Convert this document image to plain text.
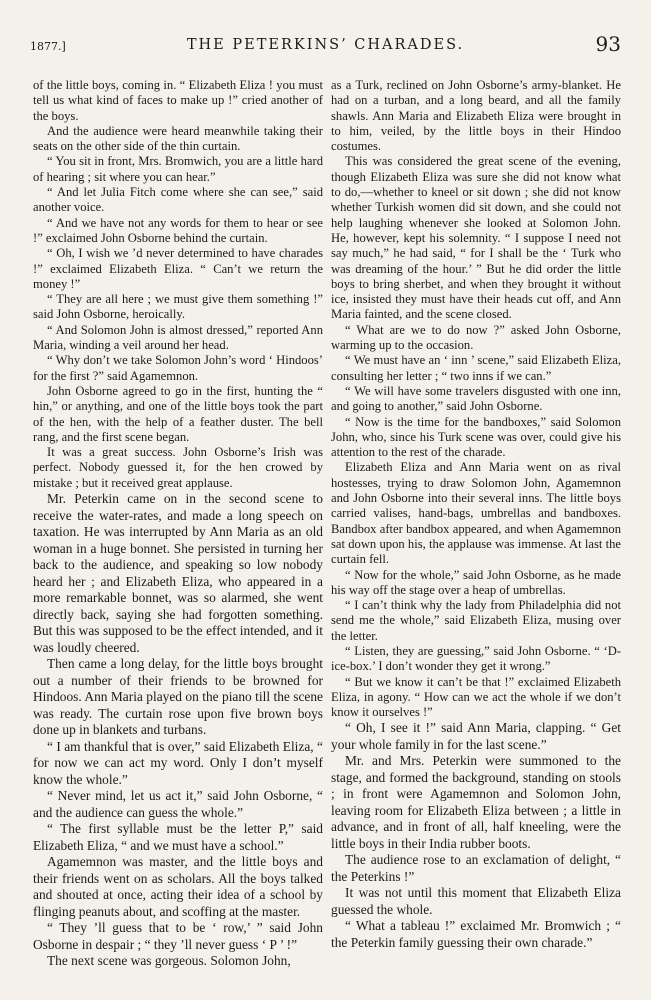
1877.]	THE PETERKINS’ CHARADES.	93

of the little boys, coming in. “ Elizabeth Eliza ! you must tell us what kind of faces to make up !” cried another of the boys.

And the audience were heard meanwhile taking their seats on the other side of the thin curtain.

“ You sit in front, Mrs. Bromwich, you are a little hard of hearing ; sit where you can hear.”

“ And let Julia Fitch come where she can see,” said another voice.

“ And we have not any words for them to hear or see !” exclaimed John Osborne behind the curtain.

“ Oh, I wish we ’d never determined to have charades !” exclaimed Elizabeth Eliza. “ Can’t we return the money !”

“ They are all here ; we must give them something !” said John Osborne, heroically.

“ And Solomon John is almost dressed,” reported Ann Maria, winding a veil around her head.

“ Why don’t we take Solomon John’s word ‘ Hindoos’ for the first ?” said Agamemnon.

John Osborne agreed to go in the first, hunting the “ hin,” or anything, and one of the little boys took the part of the hen, with the help of a feather duster. The bell rang, and the first scene began.

It was a great success. John Osborne’s Irish was perfect. Nobody guessed it, for the hen crowed by mistake ; but it received great applause.

Mr. Peterkin came on in the second scene to receive the water-rates, and made a long speech on taxation. He was interrupted by Ann Maria as an old woman in a huge bonnet. She persisted in turning her back to the audience, and speaking so low nobody heard her ; and Elizabeth Eliza, who appeared in a more remarkable bonnet, was so alarmed, she went directly back, saying she had forgotten something. But this was supposed to be the effect intended, and it was loudly cheered.

Then came a long delay, for the little boys brought out a number of their friends to be browned for Hindoos. Ann Maria played on the piano till the scene was ready. The curtain rose upon five brown boys done up in blankets and turbans.

“ I am thankful that is over,” said Elizabeth Eliza, “ for now we can act my word. Only I don’t myself know the whole.”

“ Never mind, let us act it,” said John Osborne, “ and the audience can guess the whole.”

“ The first syllable must be the letter P,” said Elizabeth Eliza, “ and we must have a school.”

Agamemnon was master, and the little boys and their friends went on as scholars. All the boys talked and shouted at once, acting their idea of a school by flinging peanuts about, and scoffing at the master.

“ They ’ll guess that to be ‘ row,’ ” said John Osborne in despair ; “ they ’ll never guess ‘ P ’ !”

The next scene was gorgeous. Solomon John,

as a Turk, reclined on John Osborne’s army-blanket. He had on a turban, and a long beard, and all the family shawls. Ann Maria and Elizabeth Eliza were brought in to him, veiled, by the little boys in their Hindoo costumes.

This was considered the great scene of the evening, though Elizabeth Eliza was sure she did not know what to do,—whether to kneel or sit down ; she did not know whether Turkish women did sit down, and she could not help laughing whenever she looked at Solomon John. He, however, kept his solemnity. “ I suppose I need not say much,” he had said, “ for I shall be the ‘ Turk who was dreaming of the hour.’ ” But he did order the little boys to bring sherbet, and when they brought it without ice, insisted they must have their heads cut off, and Ann Maria fainted, and the scene closed.

“ What are we to do now ?” asked John Osborne, warming up to the occasion.

“ We must have an ‘ inn ’ scene,” said Elizabeth Eliza, consulting her letter ; “ two inns if we can.”

“ We will have some travelers disgusted with one inn, and going to another,” said John Osborne.

“ Now is the time for the bandboxes,” said Solomon John, who, since his Turk scene was over, could give his attention to the rest of the charade.

Elizabeth Eliza and Ann Maria went on as rival hostesses, trying to draw Solomon John, Agamemnon and John Osborne into their several inns. The little boys carried valises, hand-bags, umbrellas and bandboxes. Bandbox after bandbox appeared, and when Agamemnon sat down upon his, the applause was immense. At last the curtain fell.

“ Now for the whole,” said John Osborne, as he made his way off the stage over a heap of umbrellas.

“ I can’t think why the lady from Philadelphia did not send me the whole,” said Elizabeth Eliza, musing over the letter.

“ Listen, they are guessing,” said John Osborne. “ ‘D-ice-box.’ I don’t wonder they get it wrong.”

“ But we know it can’t be that !” exclaimed Elizabeth Eliza, in agony. “ How can we act the whole if we don’t know it ourselves !”

“ Oh, I see it !” said Ann Maria, clapping. “ Get your whole family in for the last scene.”

Mr. and Mrs. Peterkin were summoned to the stage, and formed the background, standing on stools ; in front were Agamemnon and Solomon John, leaving room for Elizabeth Eliza between ; a little in advance, and in front of all, half kneeling, were the little boys in their India rubber boots.

The audience rose to an exclamation of delight, “ the Peterkins !”

It was not until this moment that Elizabeth Eliza guessed the whole.

“ What a tableau !” exclaimed Mr. Bromwich ; “ the Peterkin family guessing their own charade.”
